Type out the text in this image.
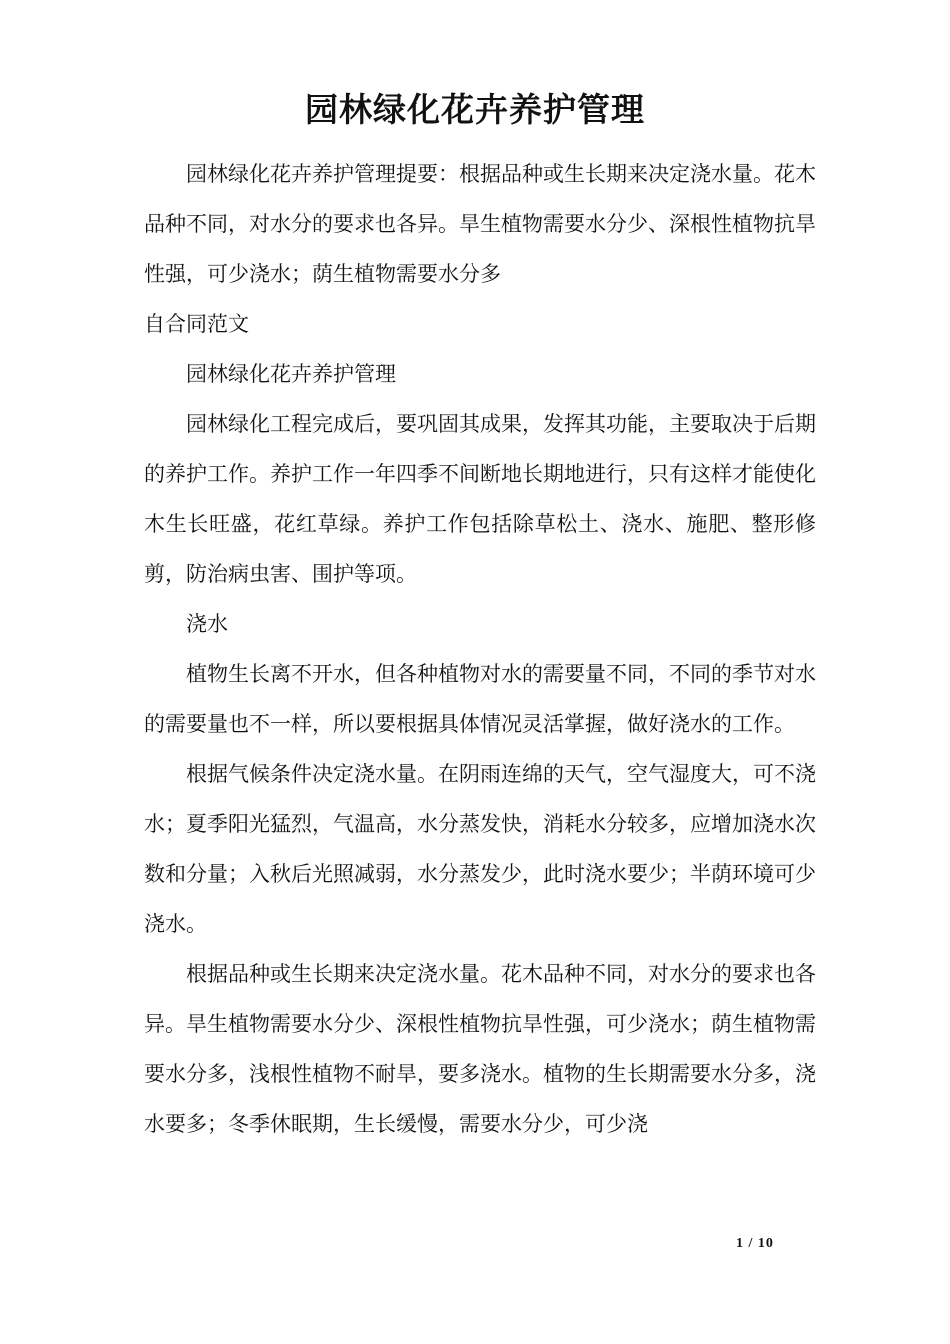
园林绿化花卉养护管理

园林绿化花卉养护管理提要：根据品种或生长期来决定浇水量。花木品种不同，对水分的要求也各异。旱生植物需要水分少、深根性植物抗旱性强，可少浇水；荫生植物需要水分多

自合同范文

园林绿化花卉养护管理

园林绿化工程完成后，要巩固其成果，发挥其功能，主要取决于后期的养护工作。养护工作一年四季不间断地长期地进行，只有这样才能使化木生长旺盛，花红草绿。养护工作包括除草松土、浇水、施肥、整形修剪，防治病虫害、围护等项。

浇水

植物生长离不开水，但各种植物对水的需要量不同，不同的季节对水的需要量也不一样，所以要根据具体情况灵活掌握，做好浇水的工作。

根据气候条件决定浇水量。在阴雨连绵的天气，空气湿度大，可不浇水；夏季阳光猛烈，气温高，水分蒸发快，消耗水分较多，应增加浇水次数和分量；入秋后光照减弱，水分蒸发少，此时浇水要少；半荫环境可少浇水。

根据品种或生长期来决定浇水量。花木品种不同，对水分的要求也各异。旱生植物需要水分少、深根性植物抗旱性强，可少浇水；荫生植物需要水分多，浅根性植物不耐旱，要多浇水。植物的生长期需要水分多，浇水要多；冬季休眠期，生长缓慢，需要水分少，可少浇

1 / 10
